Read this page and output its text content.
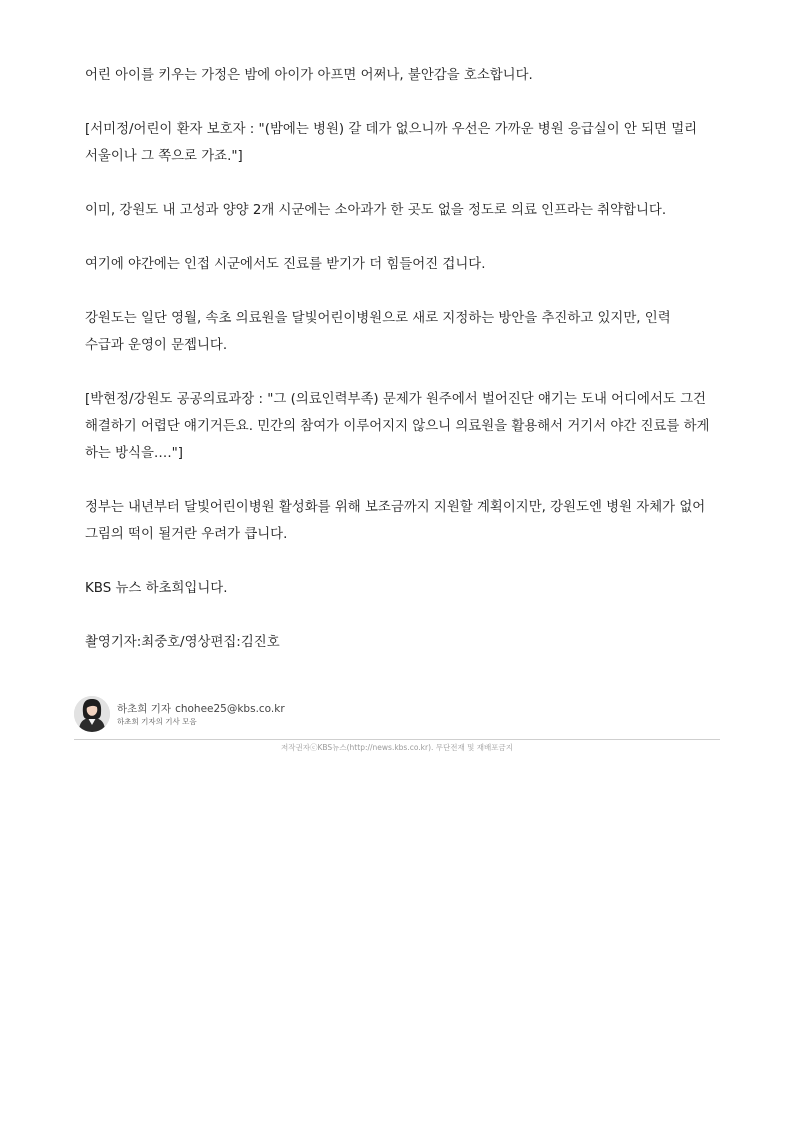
어린 아이를 키우는 가정은 밤에 아이가 아프면 어쩌나, 불안감을 호소합니다.

[서미정/어린이 환자 보호자 : "(밤에는 병원) 갈 데가 없으니까 우선은 가까운 병원 응급실이 안 되면 멀리 서울이나 그 쪽으로 가죠."]

이미, 강원도 내 고성과 양양 2개 시군에는 소아과가 한 곳도 없을 정도로 의료 인프라는 취약합니다.

여기에 야간에는 인접 시군에서도 진료를 받기가 더 힘들어진 겁니다.

강원도는 일단 영월, 속초 의료원을 달빛어린이병원으로 새로 지정하는 방안을 추진하고 있지만, 인력 수급과 운영이 문젭니다.

[박현정/강원도 공공의료과장 : "그 (의료인력부족) 문제가 원주에서 벌어진단 얘기는 도내 어디에서도 그건 해결하기 어렵단 얘기거든요. 민간의 참여가 이루어지지 않으니 의료원을 활용해서 거기서 야간 진료를 하게 하는 방식을…."]

정부는 내년부터 달빛어린이병원 활성화를 위해 보조금까지 지원할 계획이지만, 강원도엔 병원 자체가 없어 그림의 떡이 될거란 우려가 큽니다.

KBS 뉴스 하초희입니다.

촬영기자:최중호/영상편집:김진호

하초희 기자 chohee25@kbs.co.kr
하초희 기자의 기사 모음
저작권자ⓒKBS뉴스(http://news.kbs.co.kr). 무단전재 및 재배포금지
